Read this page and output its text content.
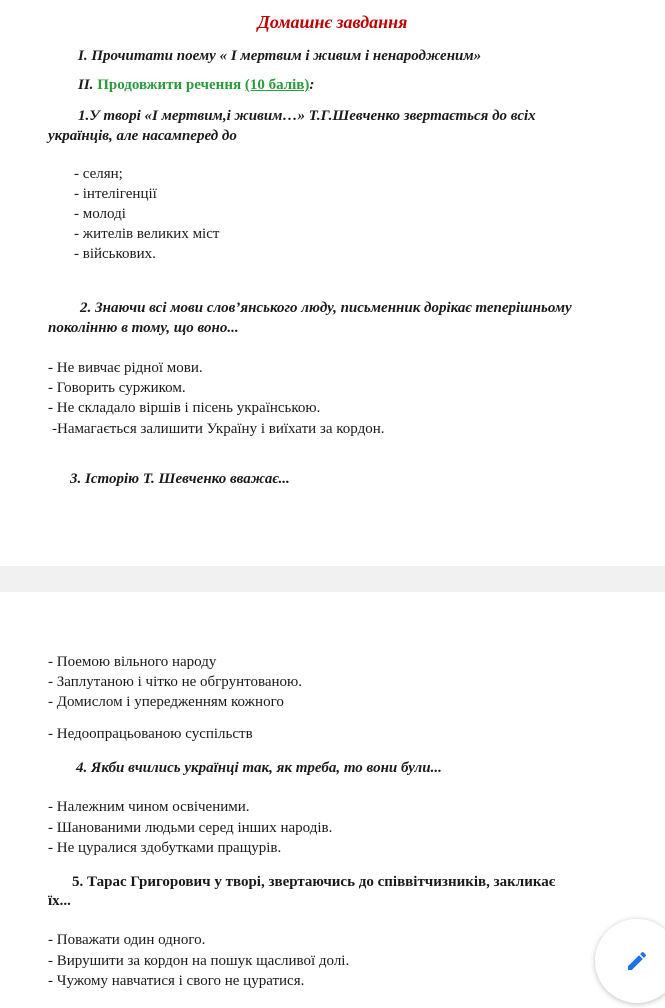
Домашнє завдання
I. Прочитати поему « І мертвим і живим і ненародженим»
II. Продовжити речення (10 балів):
1.У творі «І мертвим,і живим…» Т.Г.Шевченко звертається до всіх
українців, але насамперед до
- селян;
- інтелігенції
- молоді
- жителів великих міст
- військових.
2. Знаючи всі мови слов’янського люду, письменник дорікає теперішньому
поколінню в тому, що воно...
- Не вивчає рідної мови.
- Говорить суржиком.
- Не складало віршів і пісень українською.
-Намагається залишити Україну і виїхати за кордон.
3. Історію Т. Шевченко вважає...
- Поемою вільного народу
- Заплутаною і чітко не обгрунтованою.
- Домислом і упередженням кожного
- Недоопрацьованою суспільств
4. Якби вчились українці так, як треба, то вони були...
- Належним чином освіченими.
- Шанованими людьми серед інших народів.
- Не цуралися здобутками пращурів.
5. Тарас Григорович у творі, звертаючись до співвітчизників, закликає
їх...
- Поважати один одного.
- Вирушити за кордон на пошук щасливої долі.
- Чужому навчатися і свого не цуратися.
